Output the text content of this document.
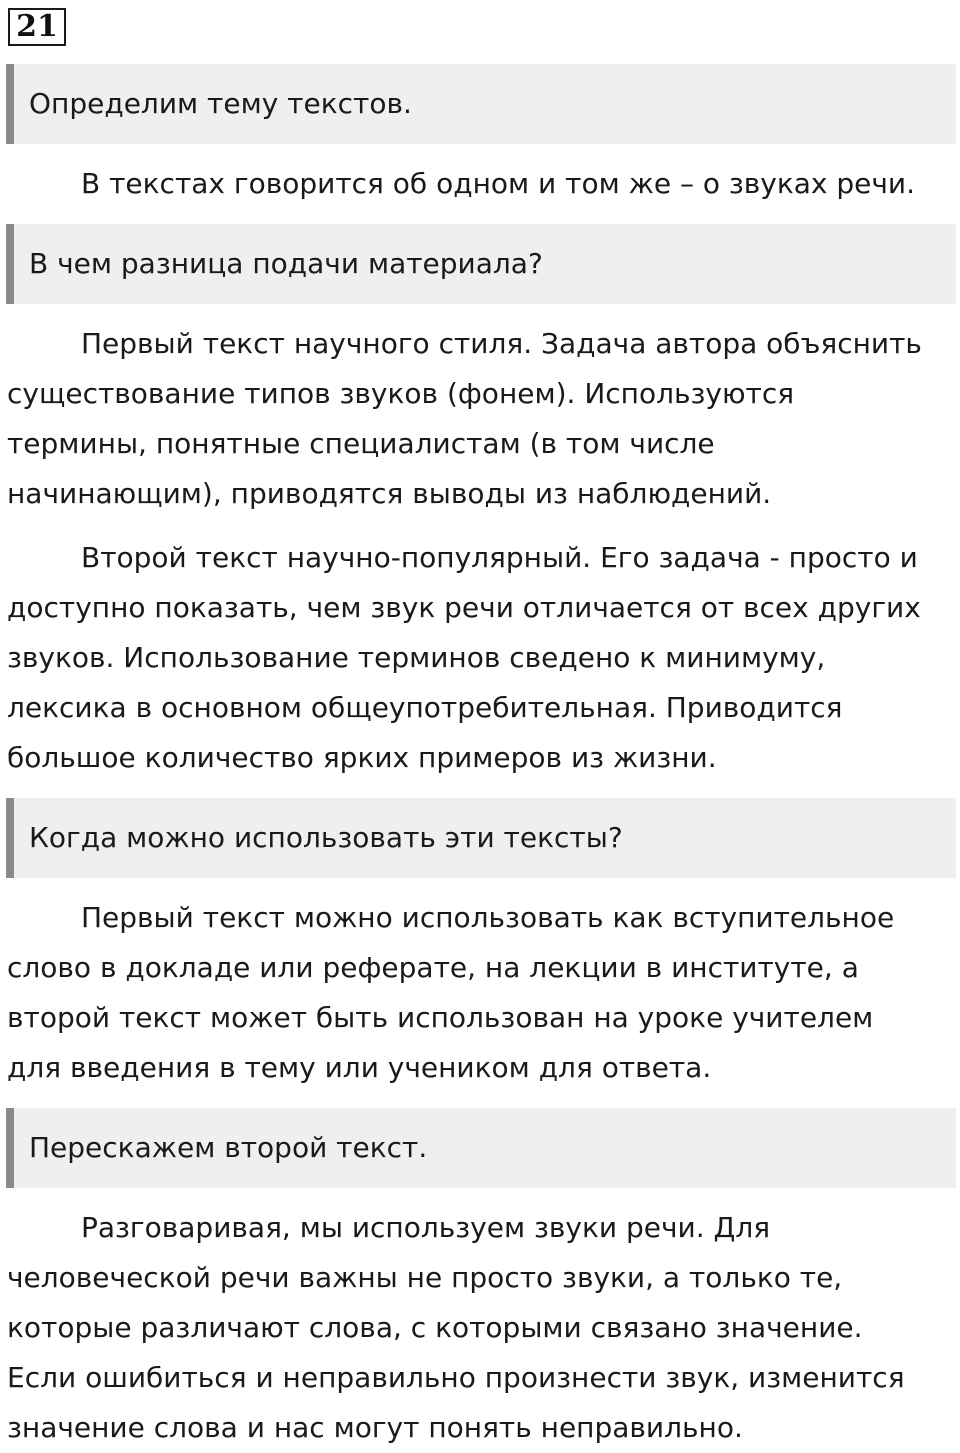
21
Определим тему текстов.

В текстах говорится об одном и том же – о звуках речи.

В чем разница подачи материала?

Первый текст научного стиля. Задача автора объяснить
существование типов звуков (фонем). Используются
термины, понятные специалистам (в том числе
начинающим), приводятся выводы из наблюдений.

Второй текст научно-популярный. Его задача - просто и
доступно показать, чем звук речи отличается от всех других
звуков. Использование терминов сведено к минимуму,
лексика в основном общеупотребительная. Приводится
большое количество ярких примеров из жизни.

Когда можно использовать эти тексты?

Первый текст можно использовать как вступительное
слово в докладе или реферате, на лекции в институте, а
второй текст может быть использован на уроке учителем
для введения в тему или учеником для ответа.

Перескажем второй текст.

Разговаривая, мы используем звуки речи. Для
человеческой речи важны не просто звуки, а только те,
которые различают слова, с которыми связано значение.
Если ошибиться и неправильно произнести звук, изменится
значение слова и нас могут понять неправильно.
